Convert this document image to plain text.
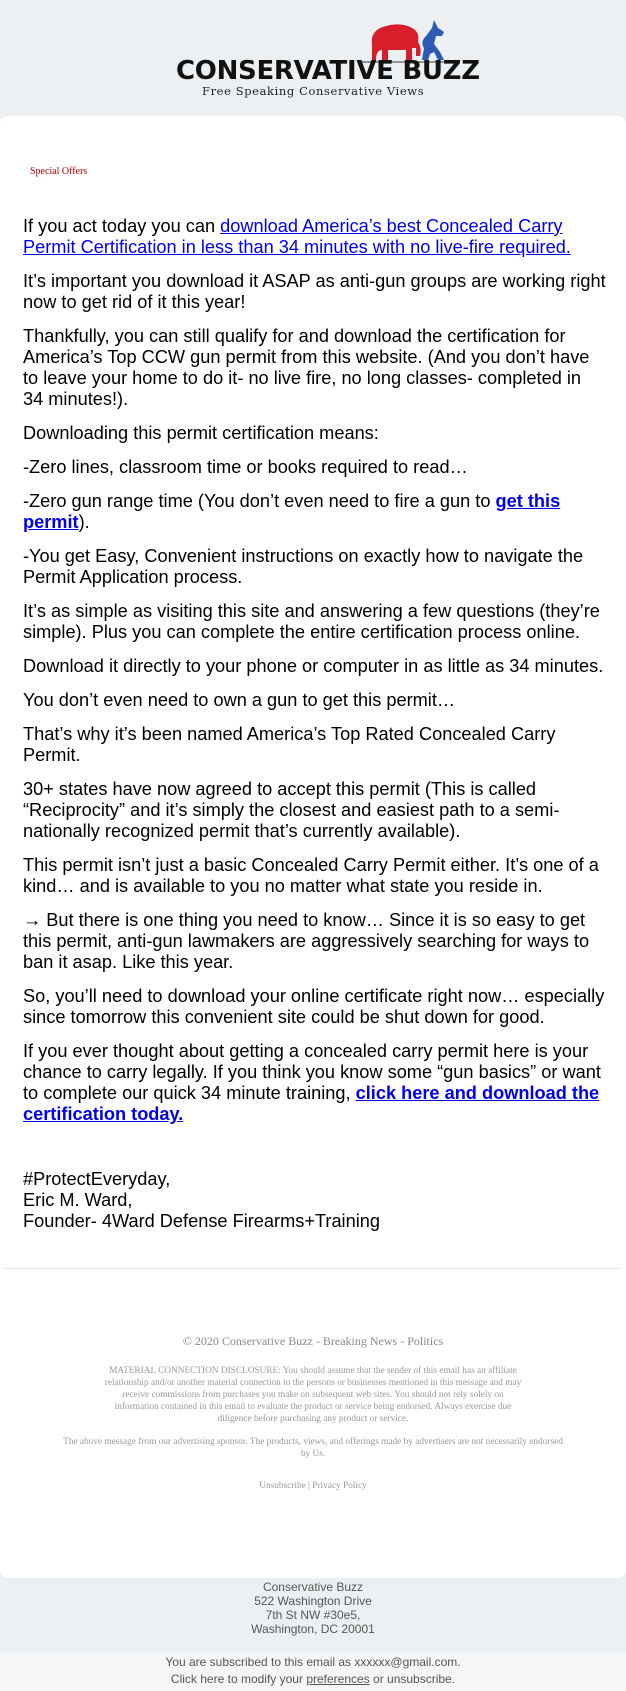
CONSERVATIVE BUZZ
Free Speaking Conservative Views
Special Offers

If you act today you can download America’s best Concealed Carry Permit Certification in less than 34 minutes with no live-fire required.

It’s important you download it ASAP as anti-gun groups are working right now to get rid of it this year!

Thankfully, you can still qualify for and download the certification for America’s Top CCW gun permit from this website. (And you don’t have to leave your home to do it- no live fire, no long classes- completed in 34 minutes!).

Downloading this permit certification means:

-Zero lines, classroom time or books required to read…

-Zero gun range time (You don’t even need to fire a gun to get this permit).

-You get Easy, Convenient instructions on exactly how to navigate the Permit Application process.

It’s as simple as visiting this site and answering a few questions (they’re simple). Plus you can complete the entire certification process online.

Download it directly to your phone or computer in as little as 34 minutes.

You don’t even need to own a gun to get this permit…

That’s why it’s been named America’s Top Rated Concealed Carry Permit.

30+ states have now agreed to accept this permit (This is called “Reciprocity” and it’s simply the closest and easiest path to a semi-nationally recognized permit that’s currently available).

This permit isn’t just a basic Concealed Carry Permit either. It’s one of a kind… and is available to you no matter what state you reside in.

→ But there is one thing you need to know… Since it is so easy to get this permit, anti-gun lawmakers are aggressively searching for ways to ban it asap. Like this year.

So, you’ll need to download your online certificate right now… especially since tomorrow this convenient site could be shut down for good.

If you ever thought about getting a concealed carry permit here is your chance to carry legally. If you think you know some “gun basics” or want to complete our quick 34 minute training, click here and download the certification today.

#ProtectEveryday,
Eric M. Ward,
Founder- 4Ward Defense Firearms+Training

© 2020 Conservative Buzz - Breaking News - Politics
MATERIAL CONNECTION DISCLOSURE: You should assume that the sender of this email has an affiliate relationship and/or another material connection to the persons or businesses mentioned in this message and may receive commissions from purchases you make on subsequent web sites. You should not rely solely on information contained in this email to evaluate the product or service being endorsed. Always exercise due diligence before purchasing any product or service.
The above message from our advertising sponsor. The products, views, and offerings made by advertisers are not necessarily endorsed by Us.
Unsubscribe | Privacy Policy
Conservative Buzz
522 Washington Drive
7th St NW #30e5,
Washington, DC 20001
You are subscribed to this email as xxxxxx@gmail.com.
Click here to modify your preferences or unsubscribe.
